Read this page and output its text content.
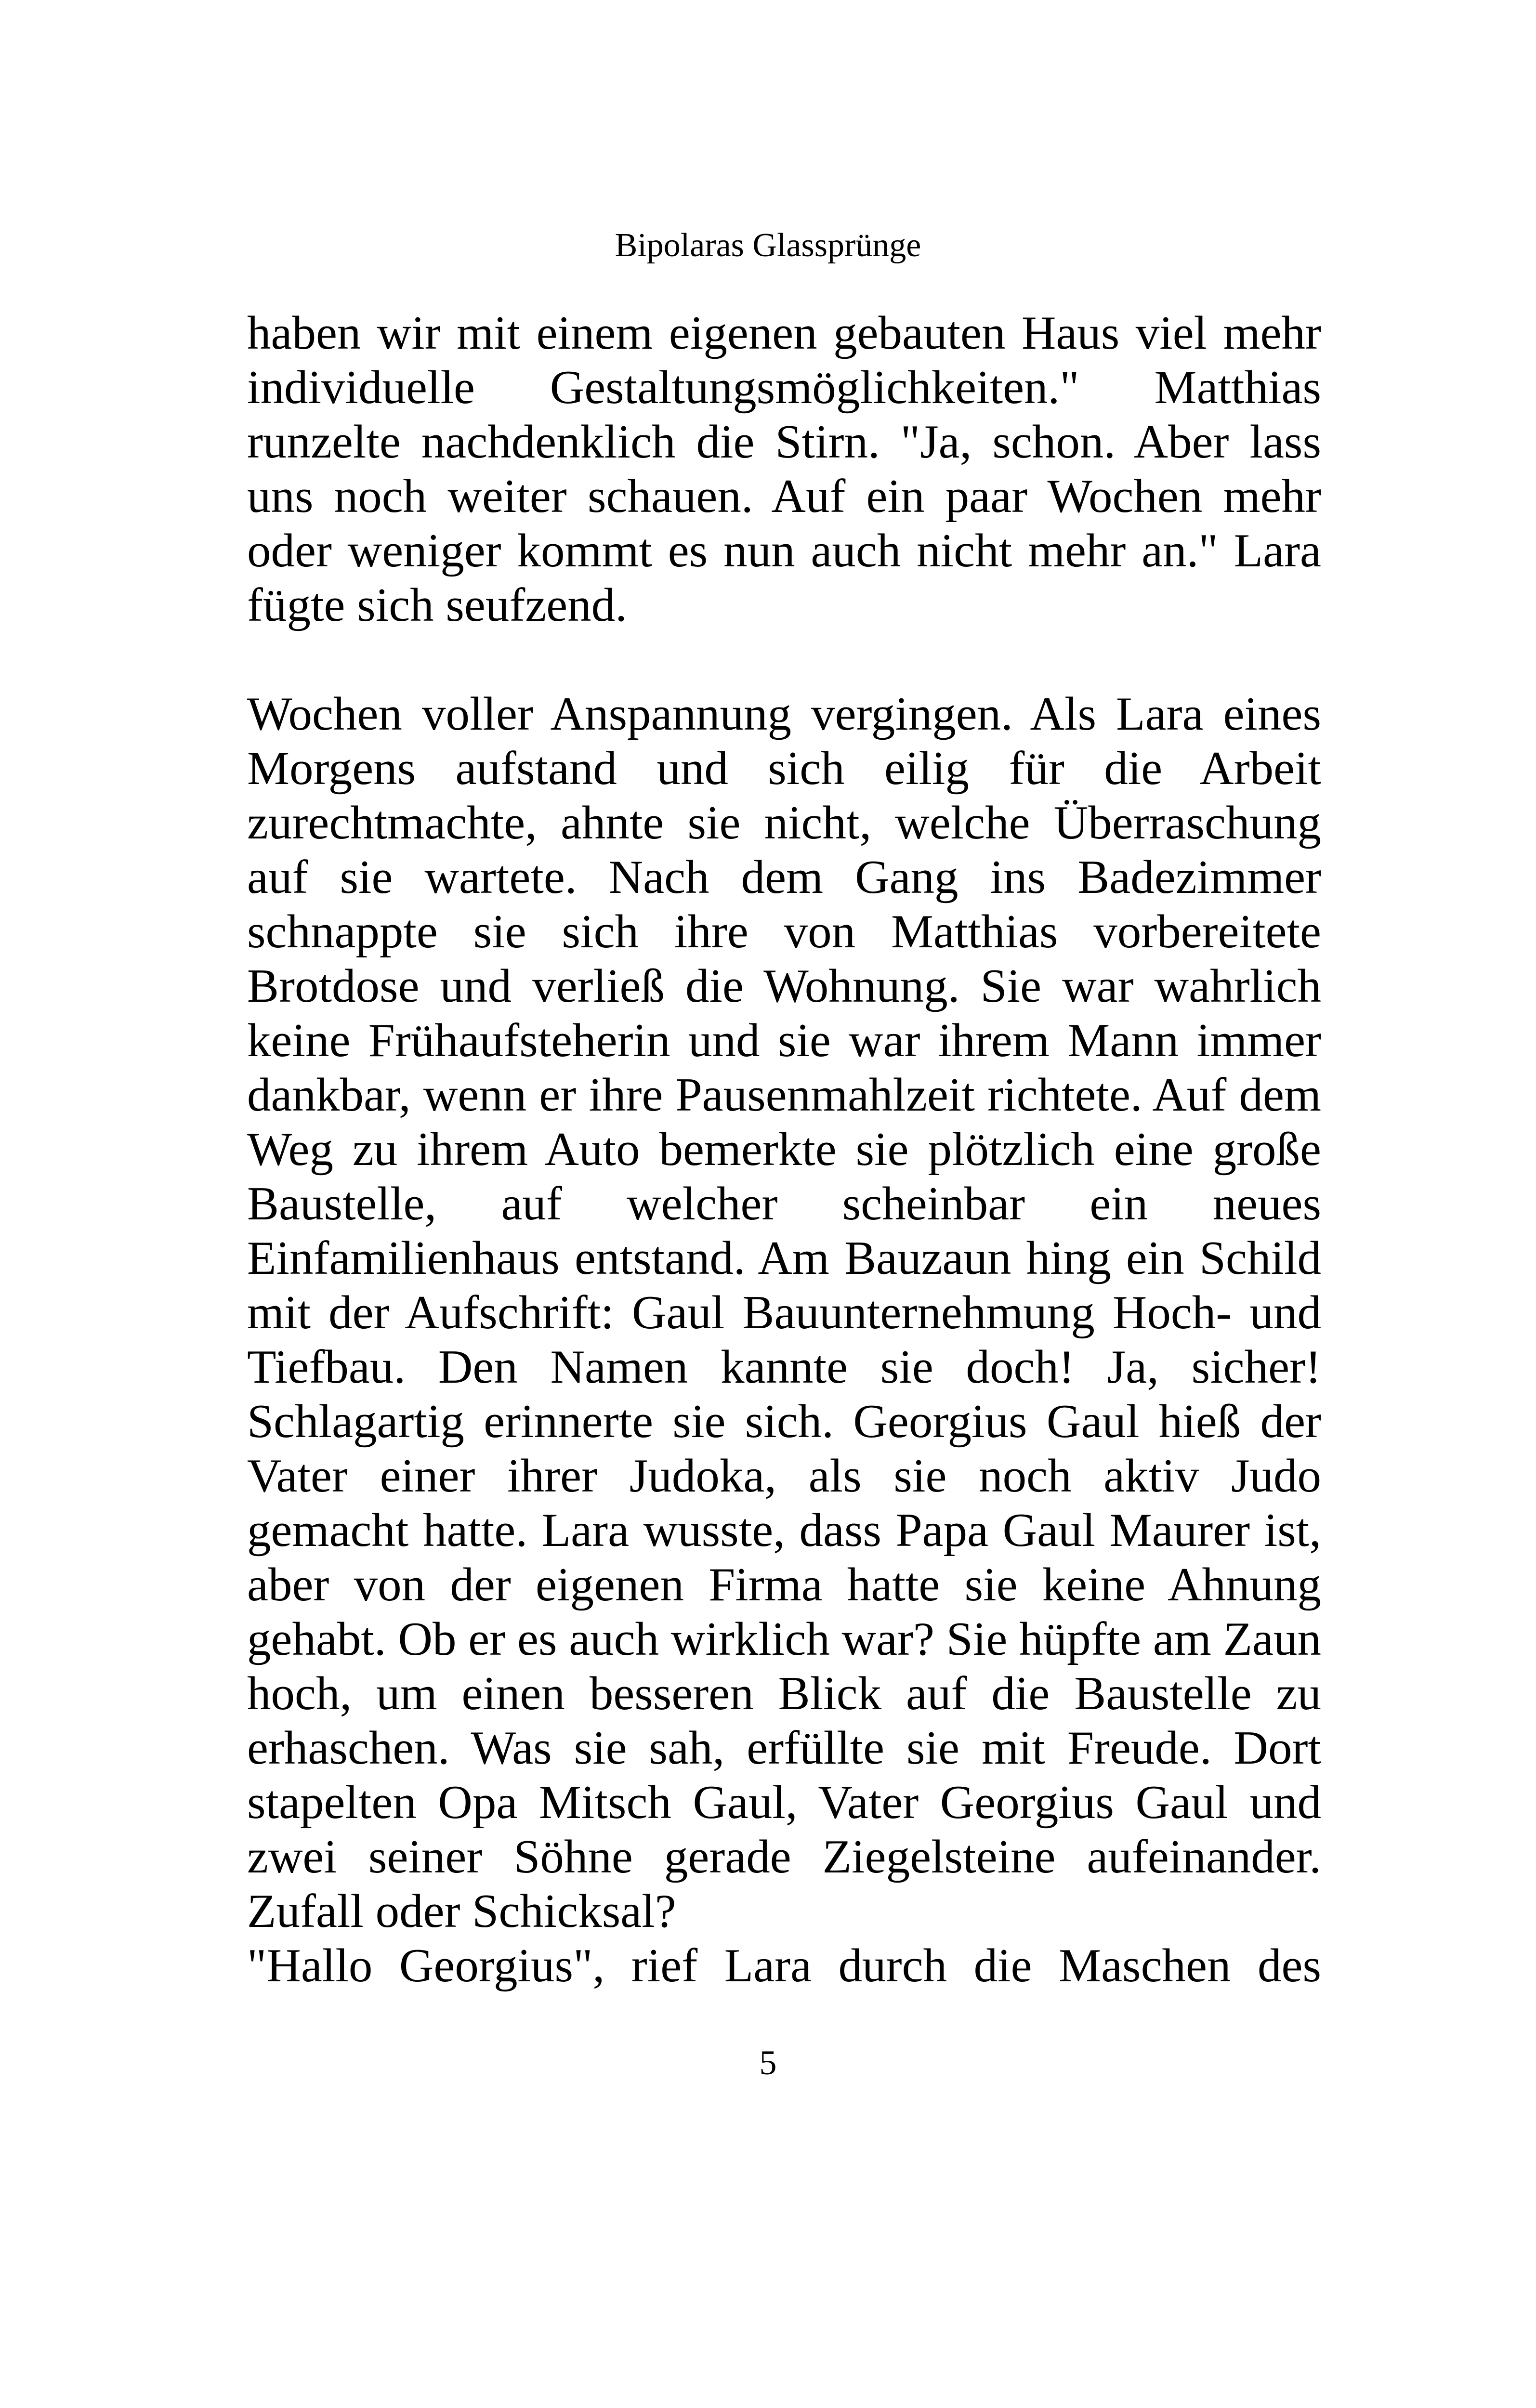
Bipolaras Glassprünge

haben wir mit einem eigenen gebauten Haus viel mehr individuelle Gestaltungsmöglichkeiten." Matthias runzelte nachdenklich die Stirn. "Ja, schon. Aber lass uns noch weiter schauen. Auf ein paar Wochen mehr oder weniger kommt es nun auch nicht mehr an." Lara fügte sich seufzend.

Wochen voller Anspannung vergingen. Als Lara eines Morgens aufstand und sich eilig für die Arbeit zurechtmachte, ahnte sie nicht, welche Überraschung auf sie wartete. Nach dem Gang ins Badezimmer schnappte sie sich ihre von Matthias vorbereitete Brotdose und verließ die Wohnung. Sie war wahrlich keine Frühaufsteherin und sie war ihrem Mann immer dankbar, wenn er ihre Pausenmahlzeit richtete. Auf dem Weg zu ihrem Auto bemerkte sie plötzlich eine große Baustelle, auf welcher scheinbar ein neues Einfamilienhaus entstand. Am Bauzaun hing ein Schild mit der Aufschrift: Gaul Bauunternehmung Hoch- und Tiefbau. Den Namen kannte sie doch! Ja, sicher! Schlagartig erinnerte sie sich. Georgius Gaul hieß der Vater einer ihrer Judoka, als sie noch aktiv Judo gemacht hatte. Lara wusste, dass Papa Gaul Maurer ist, aber von der eigenen Firma hatte sie keine Ahnung gehabt. Ob er es auch wirklich war? Sie hüpfte am Zaun hoch, um einen besseren Blick auf die Baustelle zu erhaschen. Was sie sah, erfüllte sie mit Freude. Dort stapelten Opa Mitsch Gaul, Vater Georgius Gaul und zwei seiner Söhne gerade Ziegelsteine aufeinander. Zufall oder Schicksal?

"Hallo Georgius", rief Lara durch die Maschen des

5
